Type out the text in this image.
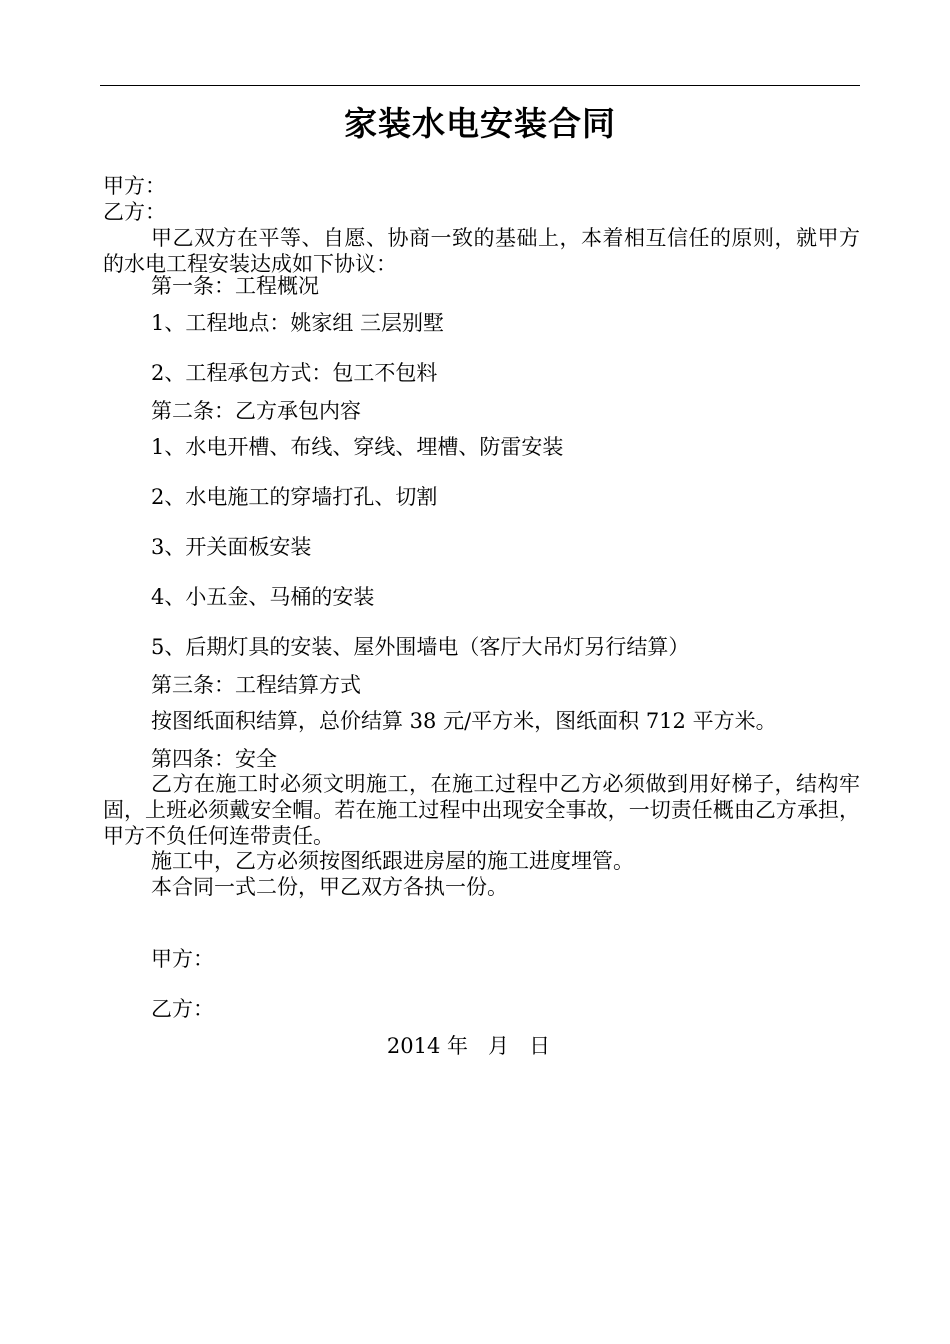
家装水电安装合同
甲方：
乙方：
甲乙双方在平等、自愿、协商一致的基础上，本着相互信任的原则，就甲方的水电工程安装达成如下协议：
第一条：工程概况
1、工程地点：姚家组 三层别墅
2、工程承包方式：包工不包料
第二条：乙方承包内容
1、水电开槽、布线、穿线、埋槽、防雷安装
2、水电施工的穿墙打孔、切割
3、开关面板安装
4、小五金、马桶的安装
5、后期灯具的安装、屋外围墙电（客厅大吊灯另行结算）
第三条：工程结算方式
按图纸面积结算，总价结算 38 元/平方米，图纸面积 712 平方米。
第四条：安全
乙方在施工时必须文明施工，在施工过程中乙方必须做到用好梯子，结构牢固，上班必须戴安全帽。若在施工过程中出现安全事故，一切责任概由乙方承担，甲方不负任何连带责任。
施工中，乙方必须按图纸跟进房屋的施工进度埋管。
本合同一式二份，甲乙双方各执一份。
甲方：
乙方：
2014 年   月   日
